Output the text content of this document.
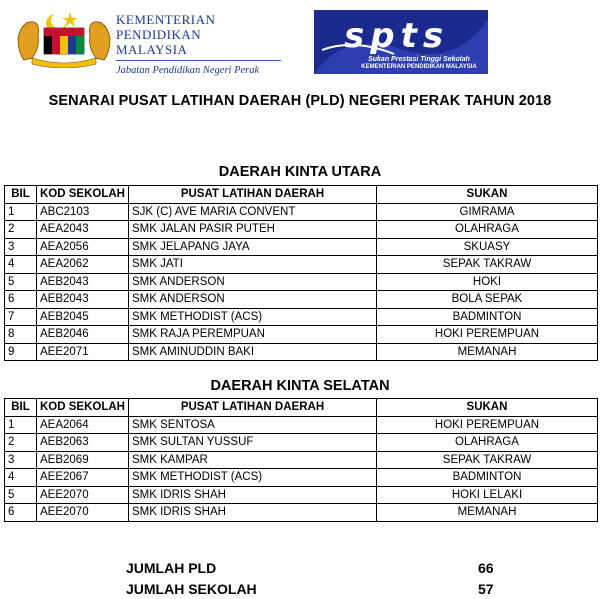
KEMENTERIAN
PENDIDIKAN
MALAYSIA
Jabatan Pendidikan Negeri Perak
spts
Sukan Prestasi Tinggi Sekolah
KEMENTERIAN PENDIDIKAN MALAYSIA
SENARAI PUSAT LATIHAN DAERAH (PLD) NEGERI PERAK TAHUN 2018
DAERAH KINTA UTARA
BIL	KOD SEKOLAH	PUSAT LATIHAN DAERAH	SUKAN
1	ABC2103	SJK (C) AVE MARIA CONVENT	GIMRAMA
2	AEA2043	SMK JALAN PASIR PUTEH	OLAHRAGA
3	AEA2056	SMK JELAPANG JAYA	SKUASY
4	AEA2062	SMK JATI	SEPAK TAKRAW
5	AEB2043	SMK ANDERSON	HOKI
6	AEB2043	SMK ANDERSON	BOLA SEPAK
7	AEB2045	SMK METHODIST (ACS)	BADMINTON
8	AEB2046	SMK RAJA PEREMPUAN	HOKI PEREMPUAN
9	AEE2071	SMK AMINUDDIN BAKI	MEMANAH
DAERAH KINTA SELATAN
BIL	KOD SEKOLAH	PUSAT LATIHAN DAERAH	SUKAN
1	AEA2064	SMK SENTOSA	HOKI PEREMPUAN
2	AEB2063	SMK SULTAN YUSSUF	OLAHRAGA
3	AEB2069	SMK KAMPAR	SEPAK TAKRAW
4	AEE2067	SMK METHODIST (ACS)	BADMINTON
5	AEE2070	SMK IDRIS SHAH	HOKI LELAKI
6	AEE2070	SMK IDRIS SHAH	MEMANAH
JUMLAH PLD	66
JUMLAH SEKOLAH	57
